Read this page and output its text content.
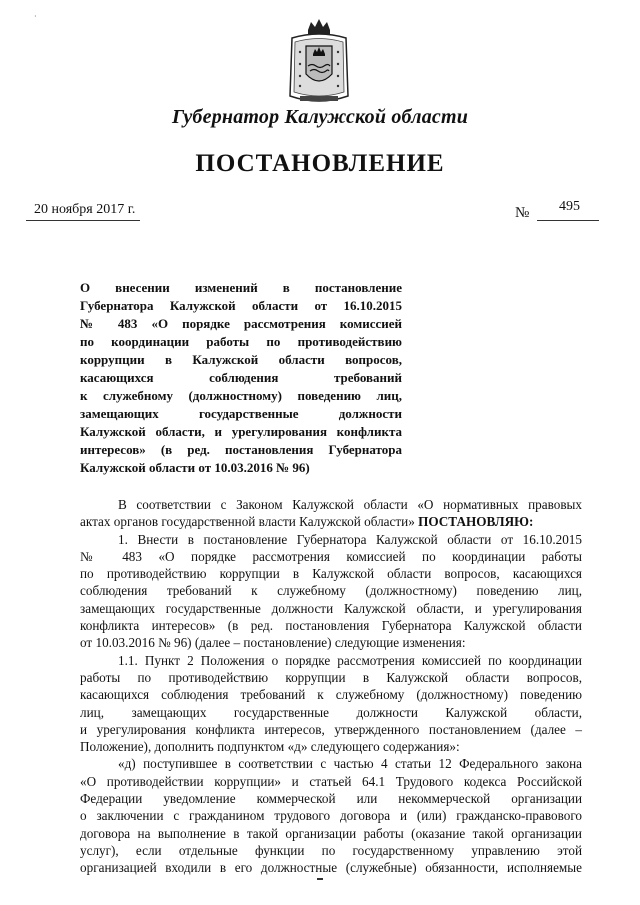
·
Губернатор Калужской области
ПОСТАНОВЛЕНИЕ
20 ноября 2017 г.	№ 495
О внесении изменений в постановление
Губернатора Калужской области от 16.10.2015
№ 483 «О порядке рассмотрения комиссией
по координации работы по противодействию
коррупции в Калужской области вопросов,
касающихся соблюдения требований
к служебному (должностному) поведению лиц,
замещающих государственные должности
Калужской области, и урегулирования конфликта
интересов» (в ред. постановления Губернатора
Калужской области от 10.03.2016 № 96)
В соответствии с Законом Калужской области «О нормативных правовых
актах органов государственной власти Калужской области» ПОСТАНОВЛЯЮ:
1. Внести в постановление Губернатора Калужской области от 16.10.2015
№ 483 «О порядке рассмотрения комиссией по координации работы
по противодействию коррупции в Калужской области вопросов, касающихся
соблюдения требований к служебному (должностному) поведению лиц,
замещающих государственные должности Калужской области, и урегулирования
конфликта интересов» (в ред. постановления Губернатора Калужской области
от 10.03.2016 № 96) (далее – постановление) следующие изменения:
1.1. Пункт 2 Положения о порядке рассмотрения комиссией по координации
работы по противодействию коррупции в Калужской области вопросов,
касающихся соблюдения требований к служебному (должностному) поведению
лиц, замещающих государственные должности Калужской области,
и урегулирования конфликта интересов, утвержденного постановлением (далее –
Положение), дополнить подпунктом «д» следующего содержания»:
«д) поступившее в соответствии с частью 4 статьи 12 Федерального закона
«О противодействии коррупции» и статьей 64.1 Трудового кодекса Российской
Федерации уведомление коммерческой или некоммерческой организации
о заключении с гражданином трудового договора и (или) гражданско-правового
договора на выполнение в такой организации работы (оказание такой организации
услуг), если отдельные функции по государственному управлению этой
организацией входили в его должностные (служебные) обязанности, исполняемые
